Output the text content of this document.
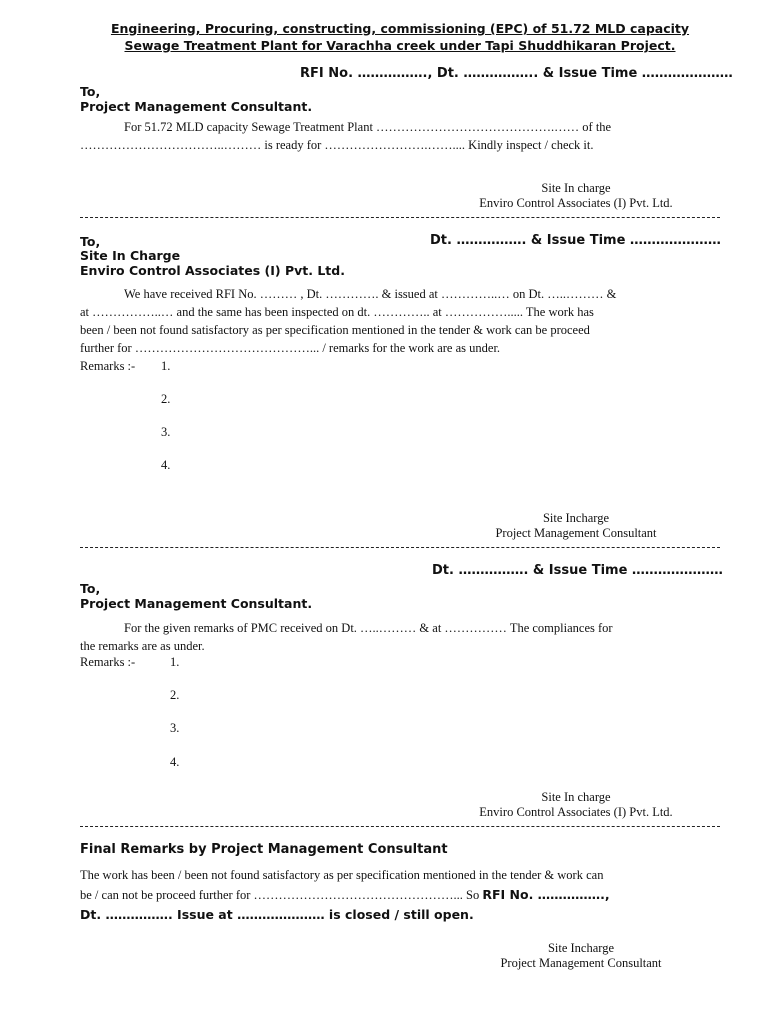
Engineering, Procuring, constructing, commissioning (EPC) of 51.72 MLD capacity
Sewage Treatment Plant for Varachha creek under Tapi Shuddhikaran Project.
RFI No. ……………., Dt. …………….. & Issue Time …………………
To,
Project Management Consultant.
For 51.72 MLD capacity Sewage Treatment Plant …………………………………….…… of the
……………………………..……… is ready for …………………….…….... Kindly inspect / check it.
Site In charge
Enviro Control Associates (I) Pvt. Ltd.
To,	Dt. ……………. & Issue Time …………………
Site In Charge
Enviro Control Associates (I) Pvt. Ltd.
We have received RFI No. ……… , Dt. …………. & issued at …………..… on Dt. …..……… &
at ……………..… and the same has been inspected on dt. ………….. at ……………..... The work has
been / been not found satisfactory as per specification mentioned in the tender & work can be proceed
further for ……………………………………... / remarks for the work are as under.
Remarks :- 1.
2.
3.
4.
Site Incharge
Project Management Consultant
Dt. ……………. & Issue Time …………………
To,
Project Management Consultant.
For the given remarks of PMC received on Dt. …..……… & at …………… The compliances for
the remarks are as under.
Remarks :-	1.
2.
3.
4.
Site In charge
Enviro Control Associates (I) Pvt. Ltd.
Final Remarks by Project Management Consultant
The work has been / been not found satisfactory as per specification mentioned in the tender & work can
be / can not be proceed further for …………………………………………... So RFI No. …………….,
Dt. ……………. Issue at ………………… is closed / still open.
Site Incharge
Project Management Consultant
